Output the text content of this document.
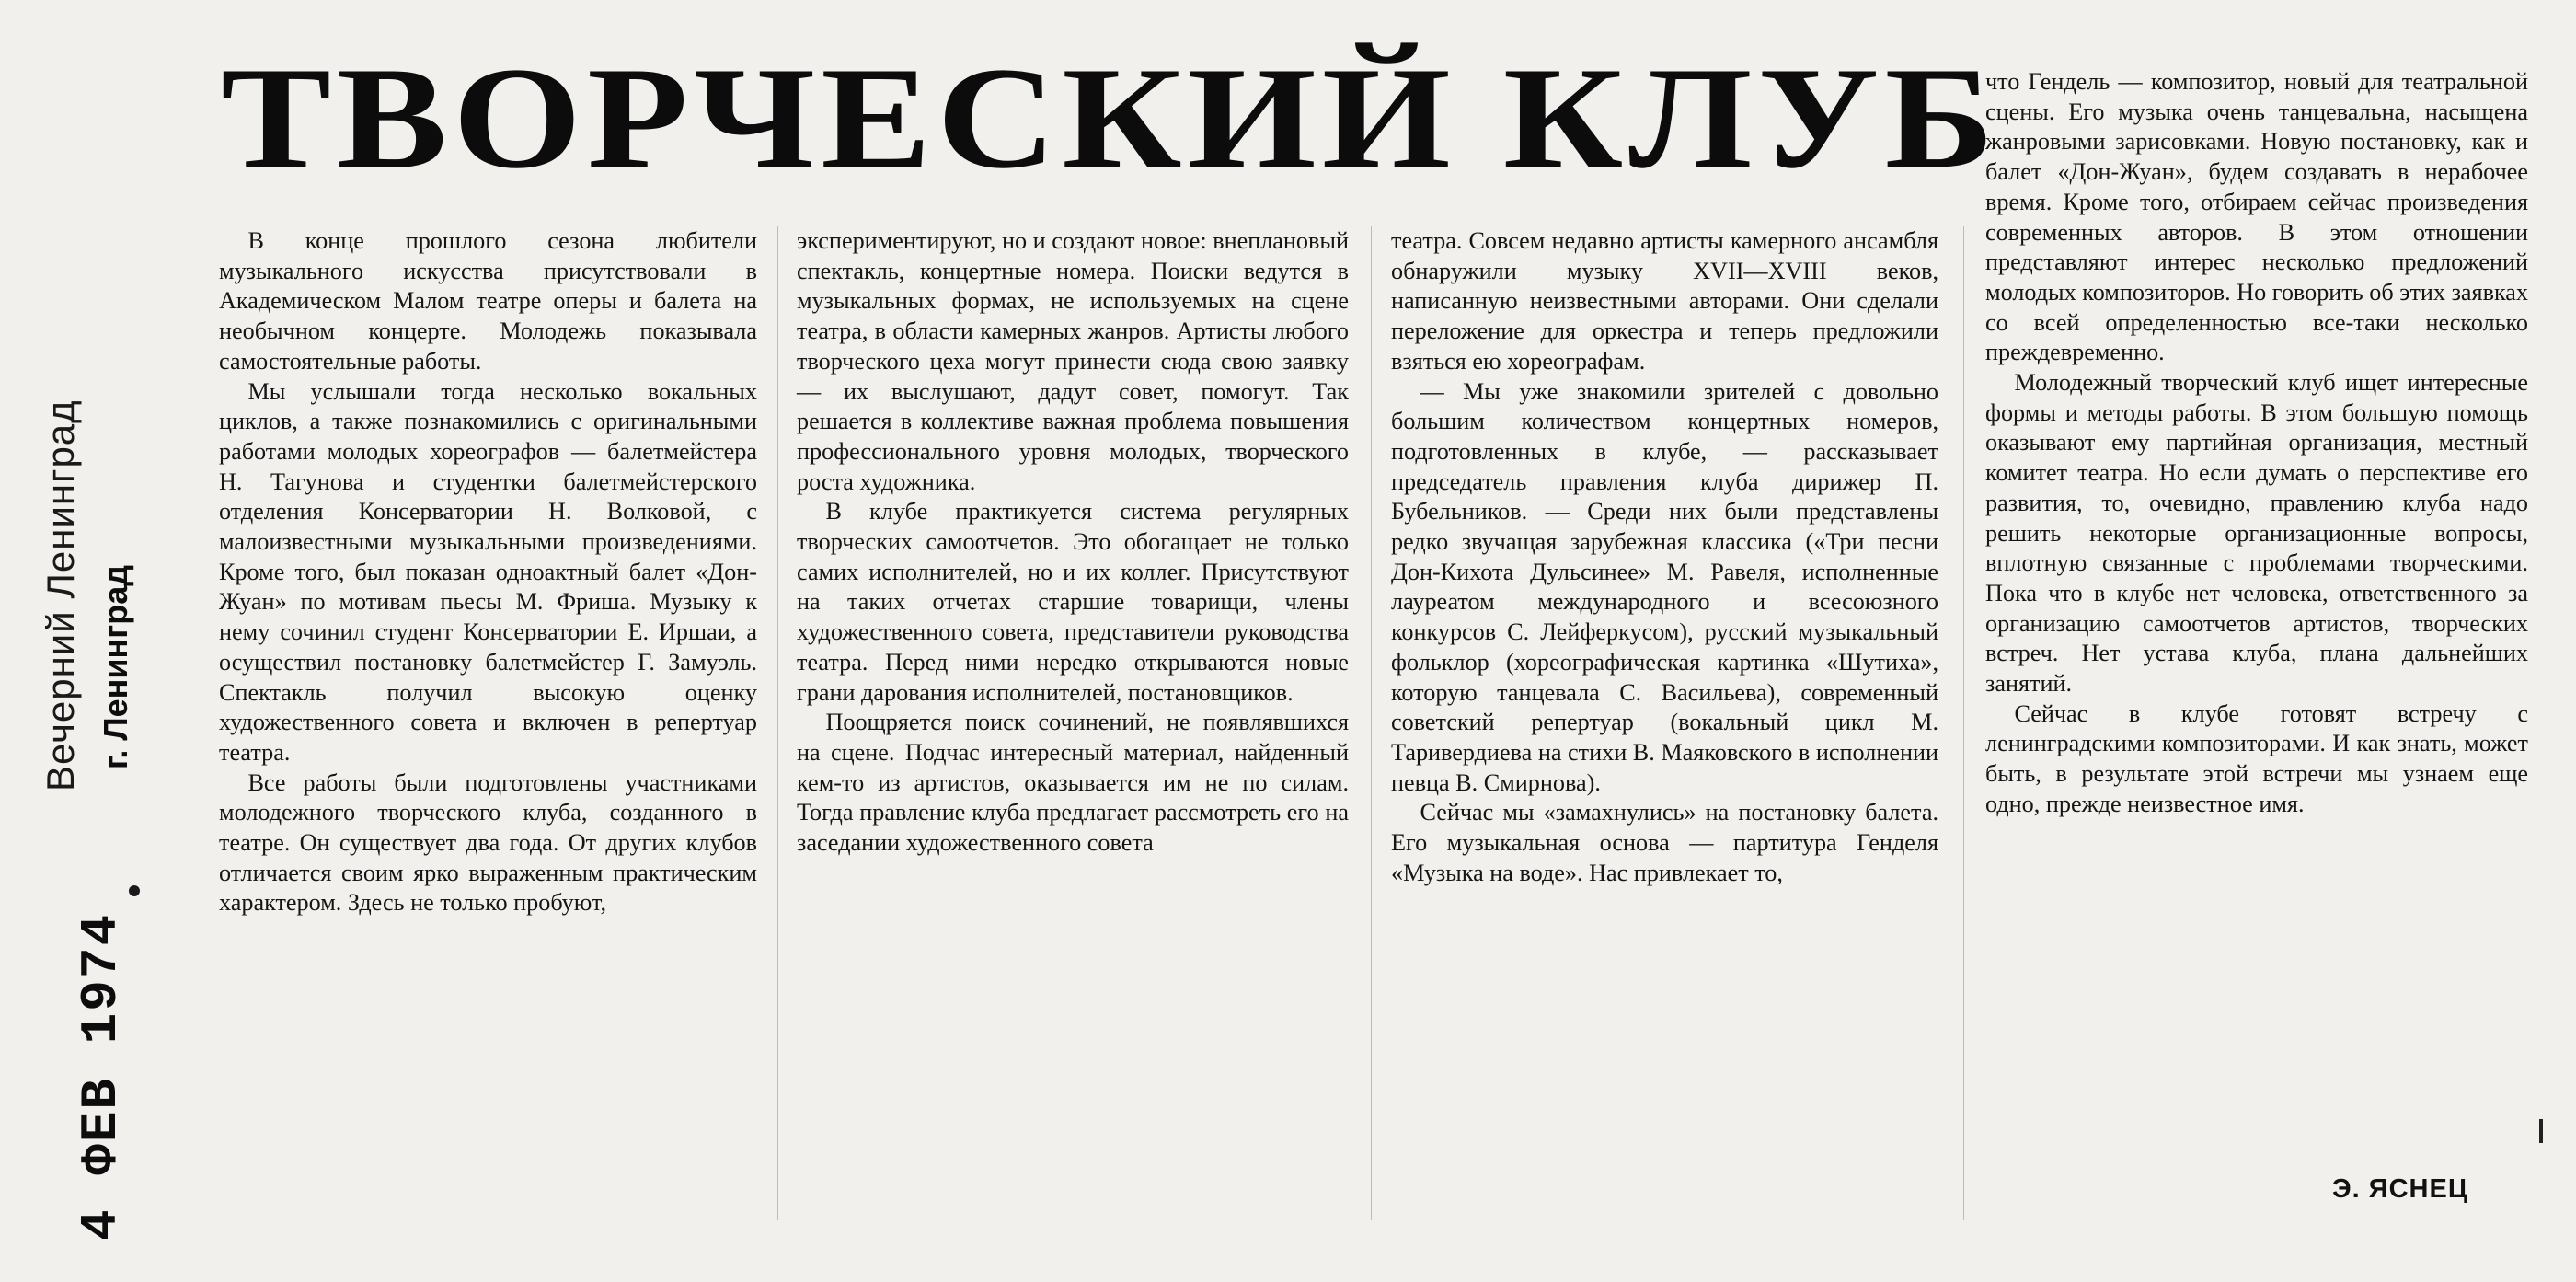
ТВОРЧЕСКИЙ КЛУБ

В конце прошлого сезона любители музыкального искусства присутствовали в Академическом Малом театре оперы и балета на необычном концерте. Молодежь показывала самостоятельные работы.

Мы услышали тогда несколько вокальных циклов, а также познакомились с оригинальными работами молодых хореографов — балетмейстера Н. Тагунова и студентки балетмейстерского отделения Консерватории Н. Волковой, с малоизвестными музыкальными произведениями. Кроме того, был показан одноактный балет «Дон-Жуан» по мотивам пьесы М. Фриша. Музыку к нему сочинил студент Консерватории Е. Иршаи, а осуществил постановку балетмейстер Г. Замуэль. Спектакль получил высокую оценку художественного совета и включен в репертуар театра.

Все работы были подготовлены участниками молодежного творческого клуба, созданного в театре. Он существует два года. От других клубов отличается своим ярко выраженным практическим характером. Здесь не только пробуют,

экспериментируют, но и создают новое: внеплановый спектакль, концертные номера. Поиски ведутся в музыкальных формах, не используемых на сцене театра, в области камерных жанров. Артисты любого творческого цеха могут принести сюда свою заявку — их выслушают, дадут совет, помогут. Так решается в коллективе важная проблема повышения профессионального уровня молодых, творческого роста художника.

В клубе практикуется система регулярных творческих самоотчетов. Это обогащает не только самих исполнителей, но и их коллег. Присутствуют на таких отчетах старшие товарищи, члены художественного совета, представители руководства театра. Перед ними нередко открываются новые грани дарования исполнителей, постановщиков.

Поощряется поиск сочинений, не появлявшихся на сцене. Подчас интересный материал, найденный кем-то из артистов, оказывается им не по силам. Тогда правление клуба предлагает рассмотреть его на заседании художественного совета

театра. Совсем недавно артисты камерного ансамбля обнаружили музыку XVII—XVIII веков, написанную неизвестными авторами. Они сделали переложение для оркестра и теперь предложили взяться ею хореографам.

— Мы уже знакомили зрителей с довольно большим количеством концертных номеров, подготовленных в клубе, — рассказывает председатель правления клуба дирижер П. Бубельников. — Среди них были представлены редко звучащая зарубежная классика («Три песни Дон-Кихота Дульсинее» М. Равеля, исполненные лауреатом международного и всесоюзного конкурсов С. Лейферкусом), русский музыкальный фольклор (хореографическая картинка «Шутиха», которую танцевала С. Васильева), современный советский репертуар (вокальный цикл М. Таривердиева на стихи В. Маяковского в исполнении певца В. Смирнова).

Сейчас мы «замахнулись» на постановку балета. Его музыкальная основа — партитура Генделя «Музыка на воде». Нас привлекает то,

что Гендель — композитор, новый для театральной сцены. Его музыка очень танцевальна, насыщена жанровыми зарисовками. Новую постановку, как и балет «Дон-Жуан», будем создавать в нерабочее время. Кроме того, отбираем сейчас произведения современных авторов. В этом отношении представляют интерес несколько предложений молодых композиторов. Но говорить об этих заявках со всей определенностью все-таки несколько преждевременно.

Молодежный творческий клуб ищет интересные формы и методы работы. В этом большую помощь оказывают ему партийная организация, местный комитет театра. Но если думать о перспективе его развития, то, очевидно, правлению клуба надо решить некоторые организационные вопросы, вплотную связанные с проблемами творческими. Пока что в клубе нет человека, ответственного за организацию самоотчетов артистов, творческих встреч. Нет устава клуба, плана дальнейших занятий.

Сейчас в клубе готовят встречу с ленинградскими композиторами. И как знать, может быть, в результате этой встречи мы узнаем еще одно, прежде неизвестное имя.

Э. ЯСНЕЦ
Вечерний Ленинград г. Ленинград
4 ФЕВ 1974
